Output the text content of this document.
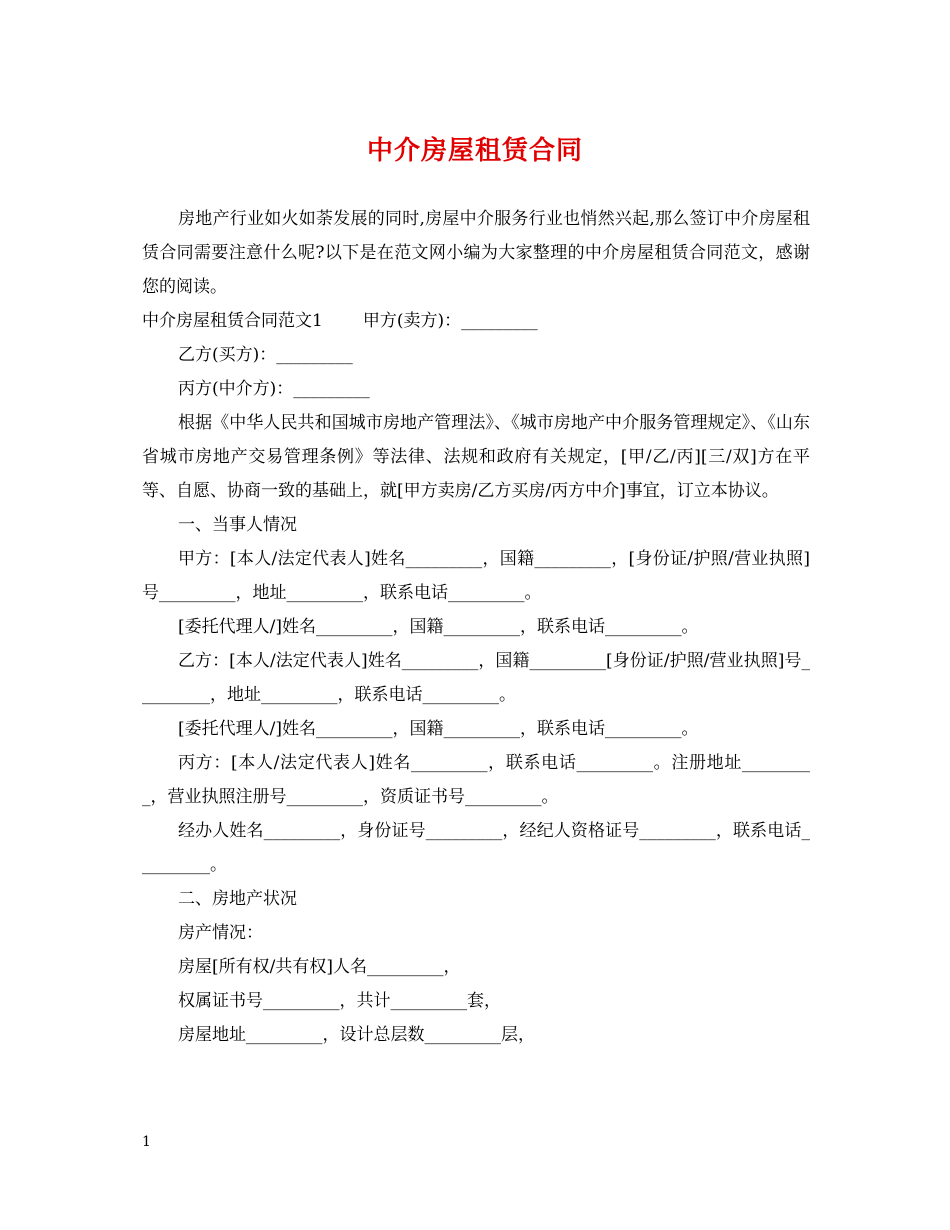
中介房屋租赁合同

房地产行业如火如荼发展的同时,房屋中介服务行业也悄然兴起,那么签订中介房屋租赁合同需要注意什么呢?以下是在范文网小编为大家整理的中介房屋租赁合同范文，感谢您的阅读。

中介房屋租赁合同范文1 甲方(卖方)：_________

乙方(买方)：_________

丙方(中介方)：_________

根据《中华人民共和国城市房地产管理法》、《城市房地产中介服务管理规定》、《山东省城市房地产交易管理条例》等法律、法规和政府有关规定，[甲/乙/丙][三/双]方在平等、自愿、协商一致的基础上，就[甲方卖房/乙方买房/丙方中介]事宜，订立本协议。

一、当事人情况

甲方：[本人/法定代表人]姓名_________，国籍_________，[身份证/护照/营业执照]号_________，地址_________，联系电话_________。

[委托代理人/]姓名_________，国籍_________，联系电话_________。

乙方：[本人/法定代表人]姓名_________，国籍_________[身份证/护照/营业执照]号_________，地址_________，联系电话_________。

[委托代理人/]姓名_________，国籍_________，联系电话_________。

丙方：[本人/法定代表人]姓名_________，联系电话_________。注册地址_________，营业执照注册号_________，资质证书号_________。

经办人姓名_________，身份证号_________，经纪人资格证号_________，联系电话_________。

二、房地产状况

房产情况：

房屋[所有权/共有权]人名_________，

权属证书号_________，共计_________套，

房屋地址_________，设计总层数_________层，

1
